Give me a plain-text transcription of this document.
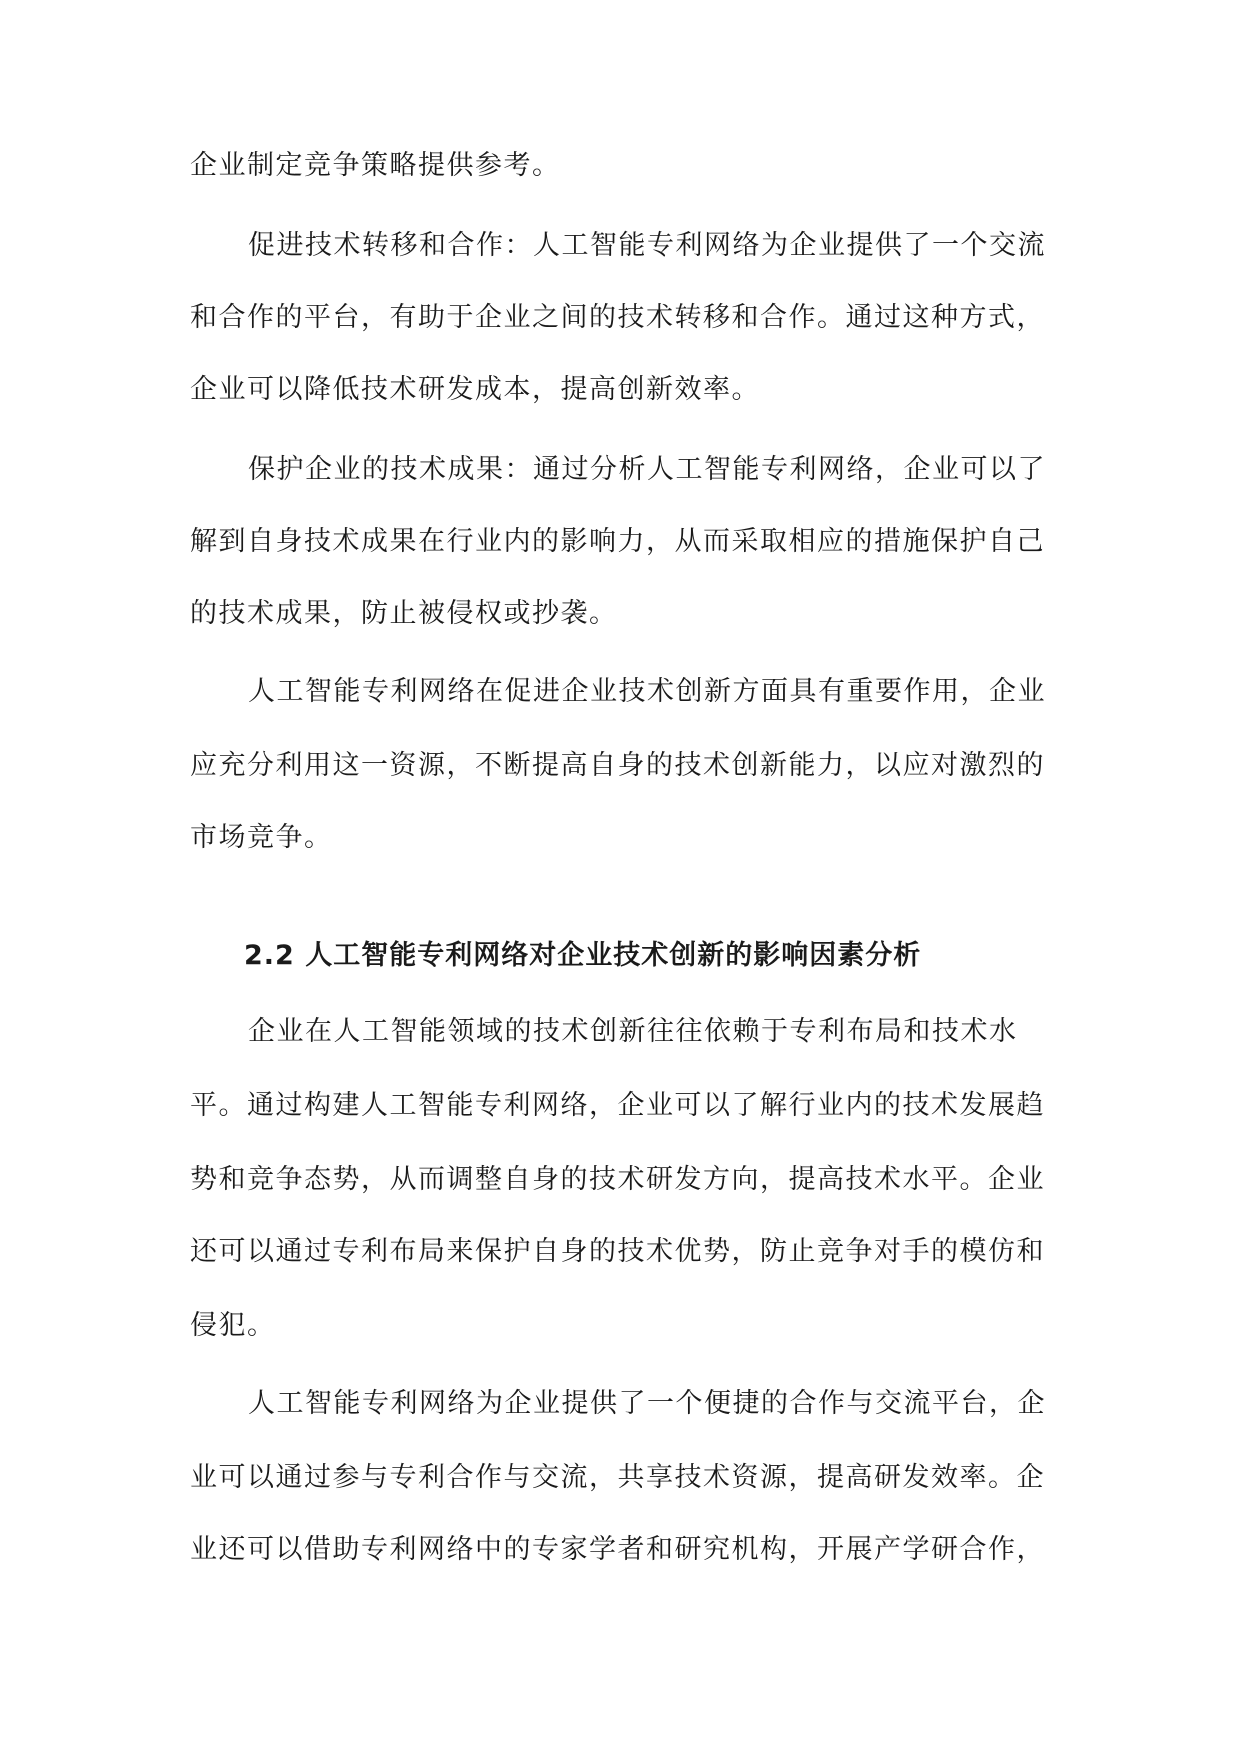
企业制定竞争策略提供参考。
促进技术转移和合作：人工智能专利网络为企业提供了一个交流
和合作的平台，有助于企业之间的技术转移和合作。通过这种方式，
企业可以降低技术研发成本，提高创新效率。
保护企业的技术成果：通过分析人工智能专利网络，企业可以了
解到自身技术成果在行业内的影响力，从而采取相应的措施保护自己
的技术成果，防止被侵权或抄袭。
人工智能专利网络在促进企业技术创新方面具有重要作用，企业
应充分利用这一资源，不断提高自身的技术创新能力，以应对激烈的
市场竞争。
2.2 人工智能专利网络对企业技术创新的影响因素分析
企业在人工智能领域的技术创新往往依赖于专利布局和技术水
平。通过构建人工智能专利网络，企业可以了解行业内的技术发展趋
势和竞争态势，从而调整自身的技术研发方向，提高技术水平。企业
还可以通过专利布局来保护自身的技术优势，防止竞争对手的模仿和
侵犯。
人工智能专利网络为企业提供了一个便捷的合作与交流平台，企
业可以通过参与专利合作与交流，共享技术资源，提高研发效率。企
业还可以借助专利网络中的专家学者和研究机构，开展产学研合作，
